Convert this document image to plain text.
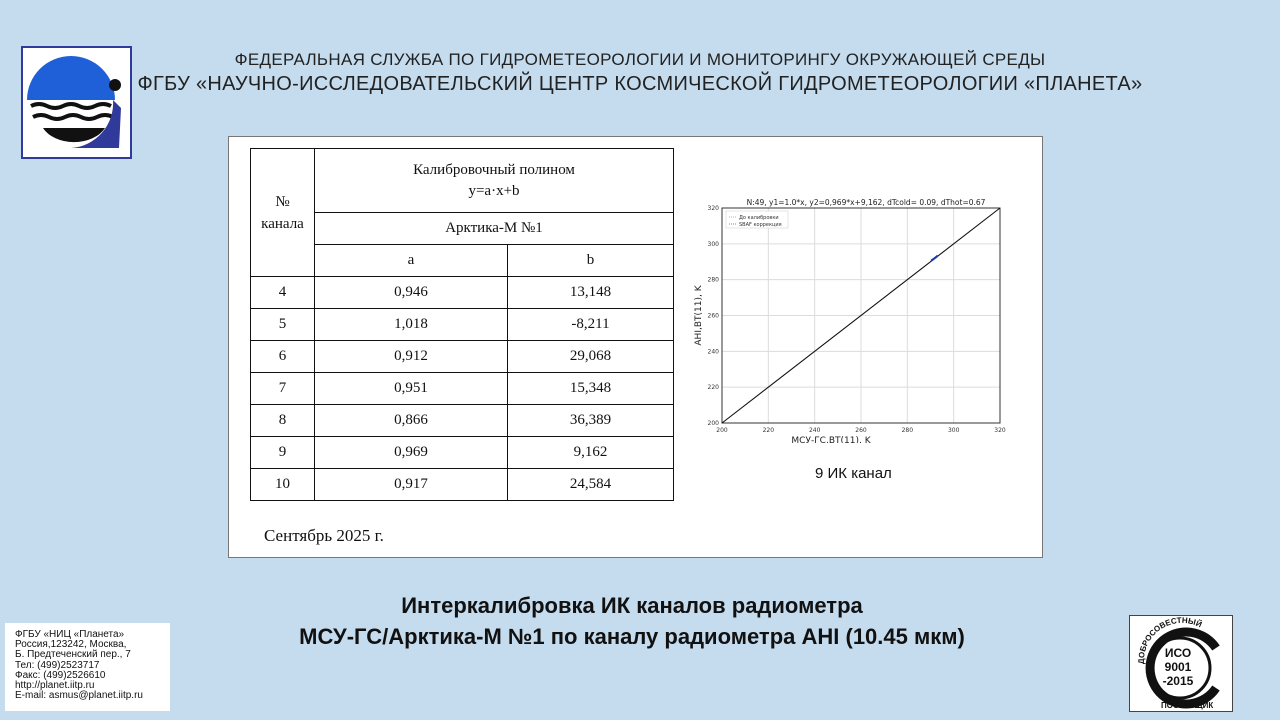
ФЕДЕРАЛЬНАЯ СЛУЖБА ПО ГИДРОМЕТЕОРОЛОГИИ И МОНИТОРИНГУ ОКРУЖАЮЩЕЙ СРЕДЫ
ФГБУ «НАУЧНО-ИССЛЕДОВАТЕЛЬСКИЙ ЦЕНТР КОСМИЧЕСКОЙ ГИДРОМЕТЕОРОЛОГИИ «ПЛАНЕТА»
№ канала	Калибровочный полином
y=a·x+b	

	Арктика-М №1	
	a	b
4	0,946	13,148
5	1,018	-8,211
6	0,912	29,068
7	0,951	15,348
8	0,866	36,389
9	0,969	9,162
10	0,917	24,584
Сентябрь 2025 г.
200	220	240	260	280	300	320
200
220
240
260
280
300
320
N:49, y1=1.0*x, y2=0,969*x+9,162, dTcold= 0.09, dThot=0.67
МСУ-ГС,BT(11), K
AHI,BT(11), K
До калибровки
SBAF коррекция
9 ИК канал
Интеркалибровка ИК каналов радиометра
МСУ-ГС/Арктика-М №1 по каналу радиометра AHI (10.45 мкм)
ФГБУ «НИЦ «Планета»
Россия,123242, Москва,
Б. Предтеченский пер., 7
Тел: (499)2523717
Факс: (499)2526610
http://planet.iitp.ru
E-mail: asmus@planet.iitp.ru
ДОБРОСОВЕСТНЫЙ
ПОСТАВЩИК
ИСО
9001
-2015
